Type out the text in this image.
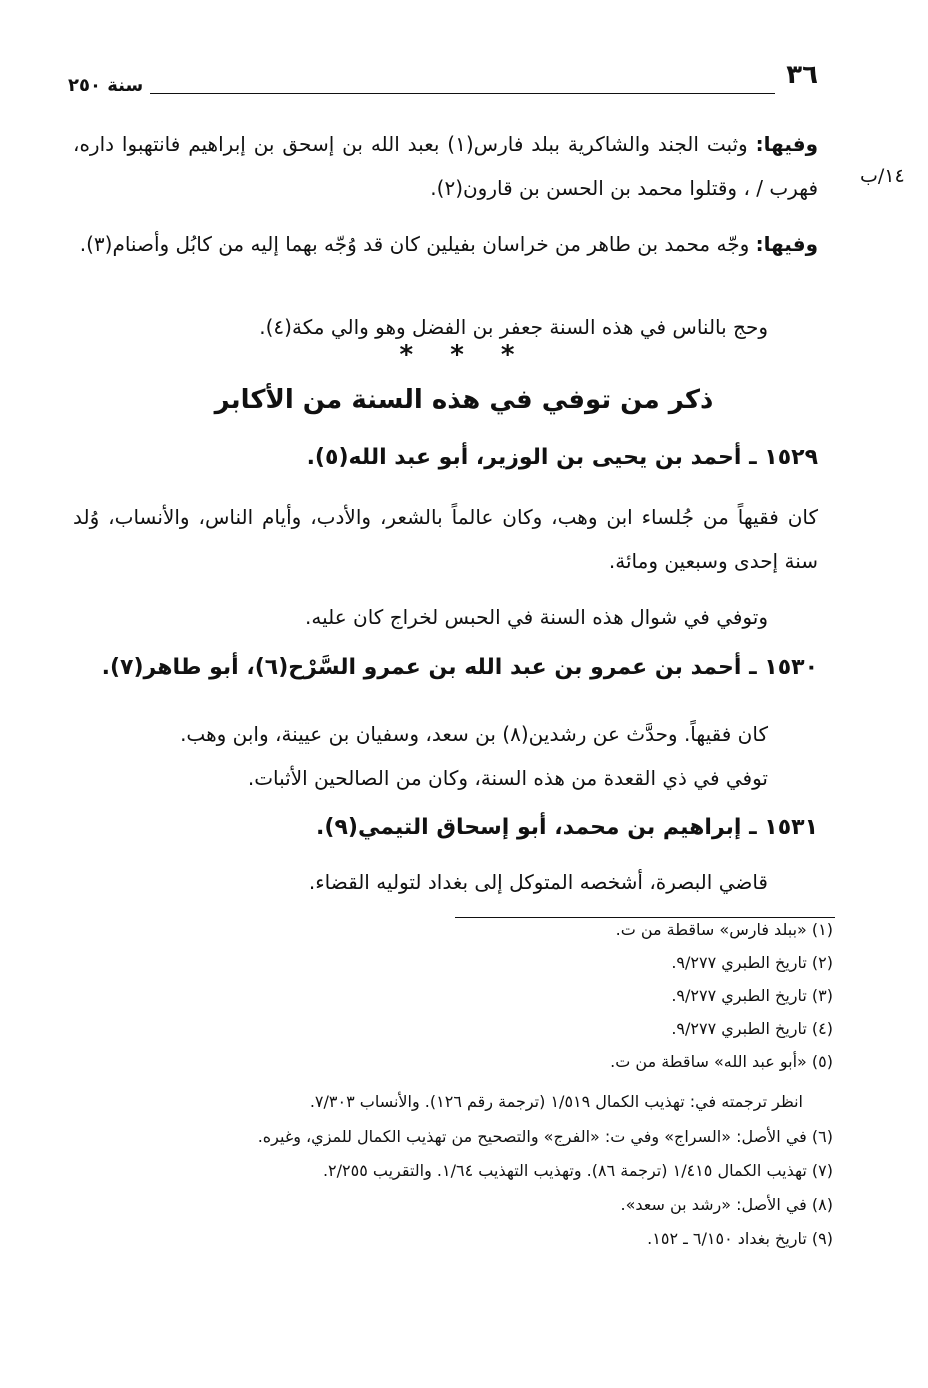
٣٦
سنة ٢٥٠
وفيها: وثبت الجند والشاكرية ببلد فارس(١) بعبد الله بن إسحق بن إبراهيم فانتهبوا داره، فهرب / ، وقتلوا محمد بن الحسن بن قارون(٢). ١٤/ب
وفيها: وجّه محمد بن طاهر من خراسان بفيلين كان قد وُجّه بهما إليه من كابُل وأصنام(٣).
وحج بالناس في هذه السنة جعفر بن الفضل وهو والي مكة(٤).
* * *
ذكر من توفي في هذه السنة من الأكابر
١٥٢٩ ـ أحمد بن يحيى بن الوزير، أبو عبد الله(٥).
كان فقيهاً من جُلساء ابن وهب، وكان عالماً بالشعر، والأدب، وأيام الناس، والأنساب، وُلد سنة إحدى وسبعين ومائة.
وتوفي في شوال هذه السنة في الحبس لخراج كان عليه.
١٥٣٠ ـ أحمد بن عمرو بن عبد الله بن عمرو السَّرْح(٦)، أبو طاهر(٧).
كان فقيهاً. وحدَّث عن رشدين(٨) بن سعد، وسفيان بن عيينة، وابن وهب.
توفي في ذي القعدة من هذه السنة، وكان من الصالحين الأثبات.
١٥٣١ ـ إبراهيم بن محمد، أبو إسحاق التيمي(٩).
قاضي البصرة، أشخصه المتوكل إلى بغداد لتوليه القضاء.
(١) «ببلد فارس» ساقطة من ت.
(٢) تاريخ الطبري ٩/٢٧٧.
(٣) تاريخ الطبري ٩/٢٧٧.
(٤) تاريخ الطبري ٩/٢٧٧.
(٥) «أبو عبد الله» ساقطة من ت.
انظر ترجمته في: تهذيب الكمال ١/٥١٩ (ترجمة رقم ١٢٦). والأنساب ٧/٣٠٣.
(٦) في الأصل: «السراج» وفي ت: «الفرج» والتصحيح من تهذيب الكمال للمزي، وغيره.
(٧) تهذيب الكمال ١/٤١٥ (ترجمة ٨٦). وتهذيب التهذيب ١/٦٤. والتقريب ٢/٢٥٥.
(٨) في الأصل: «رشد بن سعد».
(٩) تاريخ بغداد ٦/١٥٠ ـ ١٥٢.
